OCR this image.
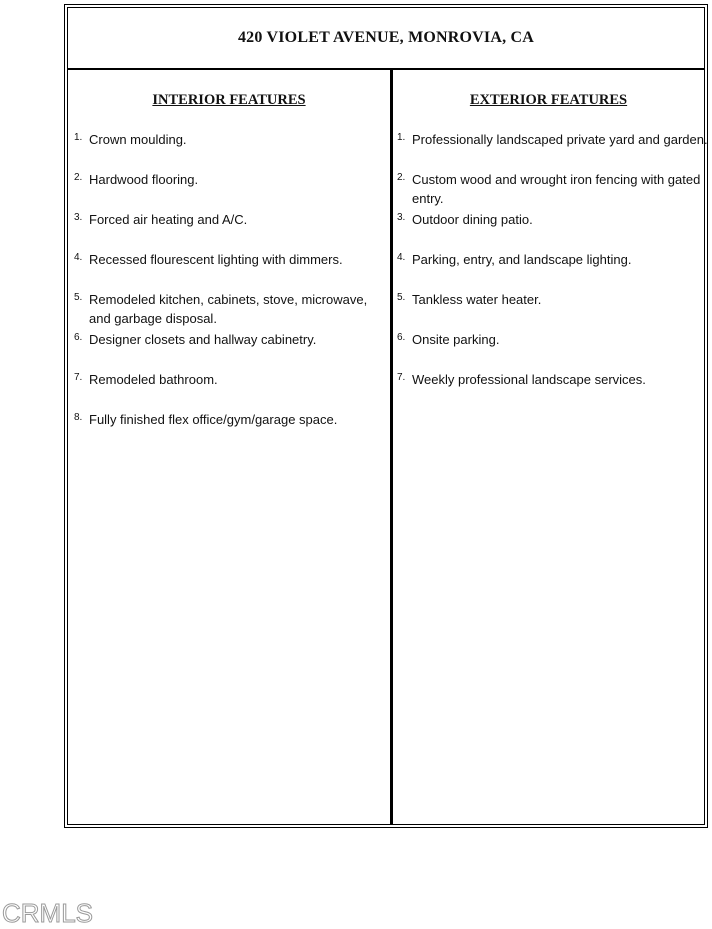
420 VIOLET AVENUE, MONROVIA, CA
INTERIOR FEATURES
1. Crown moulding.
2. Hardwood flooring.
3. Forced air heating and A/C.
4. Recessed flourescent lighting with dimmers.
5. Remodeled kitchen, cabinets, stove, microwave, and garbage disposal.
6. Designer closets and hallway cabinetry.
7. Remodeled bathroom.
8. Fully finished flex office/gym/garage space.
EXTERIOR FEATURES
1. Professionally landscaped private yard and garden.
2. Custom wood and wrought iron fencing with gated entry.
3. Outdoor dining patio.
4. Parking, entry, and landscape lighting.
5. Tankless water heater.
6. Onsite parking.
7. Weekly professional landscape services.
CRMLS
